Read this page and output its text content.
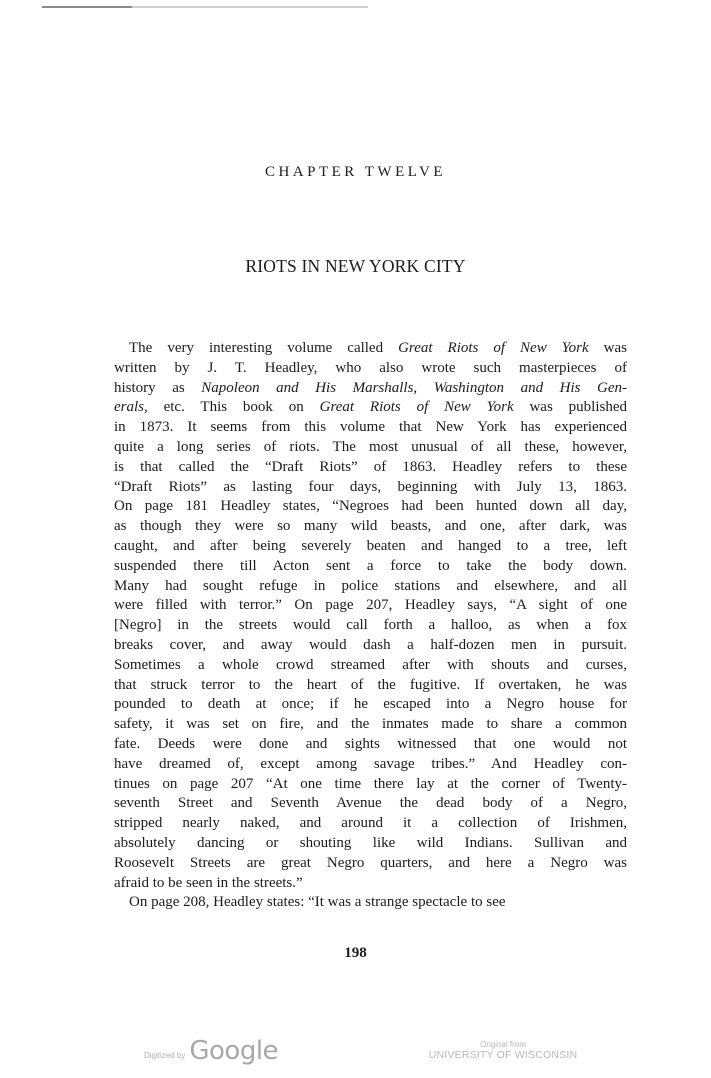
CHAPTER TWELVE
RIOTS IN NEW YORK CITY
 The very interesting volume called Great Riots of New York was
written by J. T. Headley, who also wrote such masterpieces of
history as Napoleon and His Marshalls, Washington and His Gen-
erals, etc. This book on Great Riots of New York was published
in 1873. It seems from this volume that New York has experienced
quite a long series of riots. The most unusual of all these, however,
is that called the “Draft Riots” of 1863. Headley refers to these
“Draft Riots” as lasting four days, beginning with July 13, 1863.
On page 181 Headley states, “Negroes had been hunted down all day,
as though they were so many wild beasts, and one, after dark, was
caught, and after being severely beaten and hanged to a tree, left
suspended there till Acton sent a force to take the body down.
Many had sought refuge in police stations and elsewhere, and all
were filled with terror.” On page 207, Headley says, “A sight of one
[Negro] in the streets would call forth a halloo, as when a fox
breaks cover, and away would dash a half-dozen men in pursuit.
Sometimes a whole crowd streamed after with shouts and curses,
that struck terror to the heart of the fugitive. If overtaken, he was
pounded to death at once; if he escaped into a Negro house for
safety, it was set on fire, and the inmates made to share a common
fate. Deeds were done and sights witnessed that one would not
have dreamed of, except among savage tribes.” And Headley con-
tinues on page 207 “At one time there lay at the corner of Twenty-
seventh Street and Seventh Avenue the dead body of a Negro,
stripped nearly naked, and around it a collection of Irishmen,
absolutely dancing or shouting like wild Indians. Sullivan and
Roosevelt Streets are great Negro quarters, and here a Negro was
afraid to be seen in the streets.”
 On page 208, Headley states: “It was a strange spectacle to see
198
Digitized by Google	Original from
UNIVERSITY OF WISCONSIN
